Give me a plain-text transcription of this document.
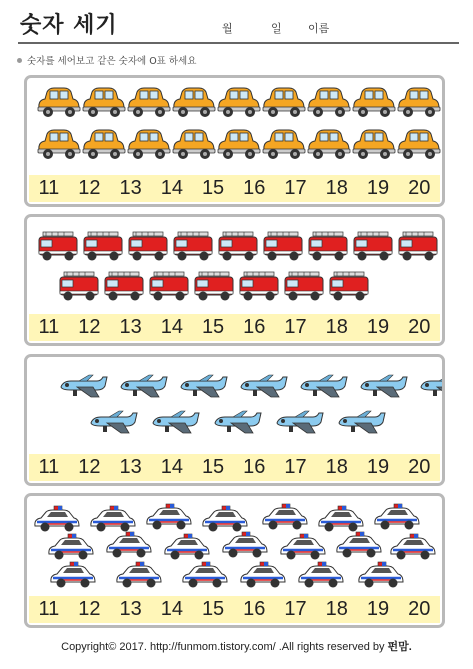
숫자 세기	월	일 이름
숫자를 세어보고 같은 숫자에 O표 하세요
11 12 13 14 15 16 17 18 19 20
11 12 13 14 15 16 17 18 19 20
11 12 13 14 15 16 17 18 19 20
11 12 13 14 15 16 17 18 19 20
Copyright© 2017. http://funmom.tistory.com/ .All rights reserved by 펀맘.
